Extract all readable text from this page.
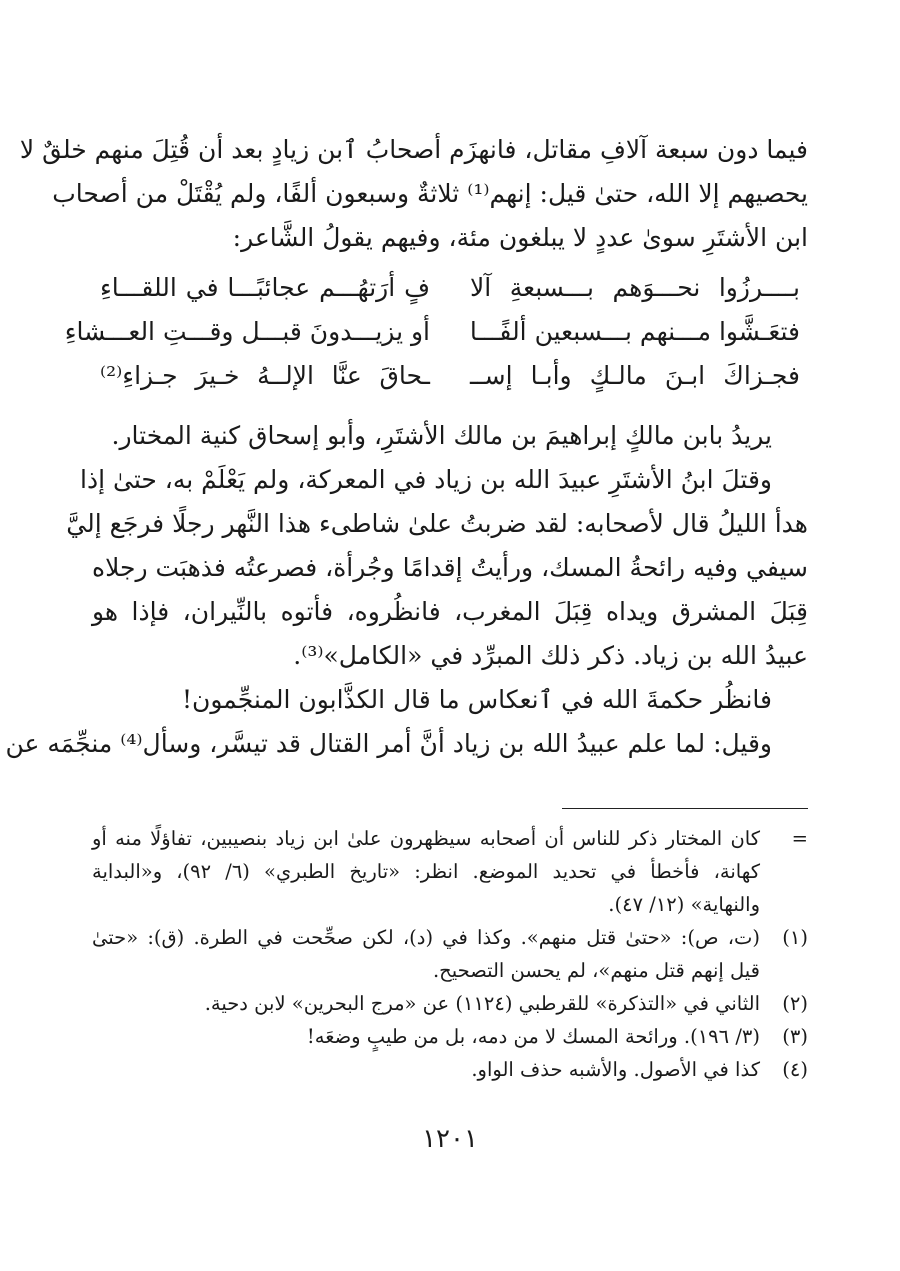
فيما دون سبعة آلافِ مقاتل، فانهزَم أصحابُ ٱبن زيادٍ بعد أن قُتِلَ منهم خلقٌ لا
يحصيهم إلا الله، حتىٰ قيل: إنهم⁽¹⁾ ثلاثةٌ وسبعون ألفًا، ولم يُقْتَلْ من أصحاب
ابن الأشتَرِ سوىٰ عددٍ لا يبلغون مئة، وفيهم يقولُ الشَّاعر:
بــــرزُوا نحـــوَهم بـــسبعةِ آلا
فٍ أرَتهُـــم عجائبًـــا في اللقـــاءِ
فتعَـشَّوا مـــنهم بـــسبعين ألفًـــا
أو يزيـــدونَ قبـــل وقـــتِ العـــشاءِ
فجـزاكَ ابـنَ مالـكٍ وأبـا إســ
ـحاقَ عنَّا الإلــهُ خـيرَ جـزاءِ⁽²⁾
يريدُ بابن مالكٍ إبراهيمَ بن مالك الأشتَرِ، وأبو إسحاق كنية المختار.
وقتلَ ابنُ الأشتَرِ عبيدَ الله بن زياد في المعركة، ولم يَعْلَمْ به، حتىٰ إذا
هدأ الليلُ قال لأصحابه: لقد ضربتُ علىٰ شاطىء هذا النَّهر رجلًا فرجَع إليَّ
سيفي وفيه رائحةُ المسك، ورأيتُ إقدامًا وجُرأة، فصرعتُه فذهبَت رجلاه
قِبَلَ المشرق ويداه قِبَلَ المغرب، فانظُروه، فأتوه بالنِّيران، فإذا هو
عبيدُ الله بن زياد. ذكر ذلك المبرِّد في «الكامل»⁽³⁾.
فانظُر حكمةَ الله في ٱنعكاس ما قال الكذَّابون المنجِّمون!
وقيل: لما علم عبيدُ الله بن زياد أنَّ أمر القتال قد تيسَّر، وسأل⁽⁴⁾ منجِّمَه عن
=
كان المختار ذكر للناس أن أصحابه سيظهرون علىٰ ابن زياد بنصيبين، تفاؤلًا منه أو
كهانة، فأخطأ في تحديد الموضع. انظر: «تاريخ الطبري» (٦/ ٩٢)، و«البداية
والنهاية» (١٢/ ٤٧).
(١)
(ت، ص): «حتىٰ قتل منهم». وكذا في (د)، لكن صحِّحت في الطرة. (ق): «حتىٰ
قيل إنهم قتل منهم»، لم يحسن التصحيح.
(٢)
الثاني في «التذكرة» للقرطبي (١١٢٤) عن «مرج البحرين» لابن دحية.
(٣)
(٣/ ١٩٦). ورائحة المسك لا من دمه، بل من طيبٍ وضعَه!
(٤)
كذا في الأصول. والأشبه حذف الواو.
١٢٠١
